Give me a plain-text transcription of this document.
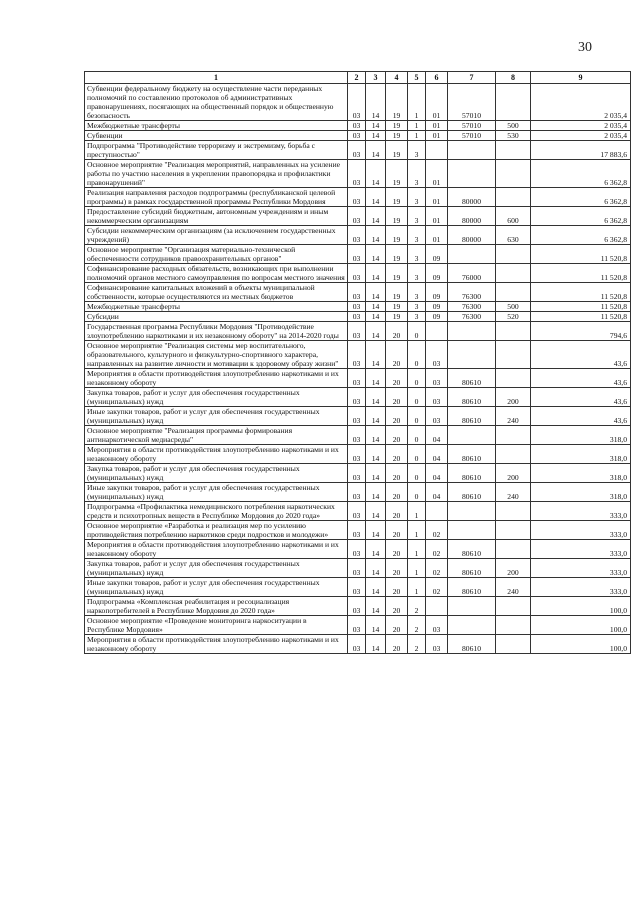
30
1	2	3	4	5	6	7	8	9
Субвенции федеральному бюджету на осуществление части переданных полномочий по составлению протоколов об административных правонарушениях, посягающих на общественный порядок и общественную безопасность	03	14	19	1	01	57010		2 035,4
Межбюджетные трансферты	03	14	19	1	01	57010	500	2 035,4
Субвенции	03	14	19	1	01	57010	530	2 035,4
Подпрограмма "Противодействие терроризму и экстремизму, борьба с преступностью"	03	14	19	3				17 883,6
Основное мероприятие "Реализация мероприятий, направленных на усиление работы по участию населения в укреплении правопорядка и профилактики правонарушений"	03	14	19	3	01			6 362,8
Реализация направления расходов подпрограммы (республиканской целевой программы) в рамках государственной программы Республики Мордовия	03	14	19	3	01	80000		6 362,8
Предоставление субсидий бюджетным, автономным учреждениям и иным некоммерческим организациям	03	14	19	3	01	80000	600	6 362,8
Субсидии некоммерческим организациям (за исключением государственных учреждений)	03	14	19	3	01	80000	630	6 362,8
Основное мероприятие "Организация материально-технической обеспеченности сотрудников правоохранительных органов"	03	14	19	3	09			11 520,8
Софинансирование расходных обязательств, возникающих при выполнении полномочий органов местного самоуправления по вопросам местного значения	03	14	19	3	09	76000		11 520,8
Софинансирование капитальных вложений в объекты муниципальной собственности, которые осуществляются из местных бюджетов	03	14	19	3	09	76300		11 520,8
Межбюджетные трансферты	03	14	19	3	09	76300	500	11 520,8
Субсидии	03	14	19	3	09	76300	520	11 520,8
Государственная программа Республики Мордовия "Противодействие злоупотреблению наркотиками и их незаконному обороту" на 2014-2020 годы	03	14	20	0				794,6
Основное мероприятие "Реализация системы мер воспитательного, образовательного, культурного и физкультурно-спортивного характера, направленных на развитие личности и мотивации к здоровому образу жизни"	03	14	20	0	03			43,6
Мероприятия в области противодействия злоупотреблению наркотиками и их незаконному обороту	03	14	20	0	03	80610		43,6
Закупка товаров, работ и услуг для обеспечения государственных (муниципальных) нужд	03	14	20	0	03	80610	200	43,6
Иные закупки товаров, работ и услуг для обеспечения государственных (муниципальных) нужд	03	14	20	0	03	80610	240	43,6
Основное мероприятие "Реализация программы формирования антинаркотической медиасреды"	03	14	20	0	04			318,0
Мероприятия в области противодействия злоупотреблению наркотиками и их незаконному обороту	03	14	20	0	04	80610		318,0
Закупка товаров, работ и услуг для обеспечения государственных (муниципальных) нужд	03	14	20	0	04	80610	200	318,0
Иные закупки товаров, работ и услуг для обеспечения государственных (муниципальных) нужд	03	14	20	0	04	80610	240	318,0
Подпрограмма «Профилактика немедицинского потребления наркотических средств и психотропных веществ в Республике Мордовия до 2020 года»	03	14	20	1				333,0
Основное мероприятие «Разработка и реализация мер по усилению противодействия потреблению наркотиков среди подростков и молодежи»	03	14	20	1	02			333,0
Мероприятия в области противодействия злоупотреблению наркотиками и их незаконному обороту	03	14	20	1	02	80610		333,0
Закупка товаров, работ и услуг для обеспечения государственных (муниципальных) нужд	03	14	20	1	02	80610	200	333,0
Иные закупки товаров, работ и услуг для обеспечения государственных (муниципальных) нужд	03	14	20	1	02	80610	240	333,0
Подпрограмма «Комплексная реабилитация и ресоциализация наркопотребителей в Республике Мордовия до 2020 года»	03	14	20	2				100,0
Основное мероприятие «Проведение мониторинга наркоситуации в Республике Мордовия»	03	14	20	2	03			100,0
Мероприятия в области противодействия злоупотреблению наркотиками и их незаконному обороту	03	14	20	2	03	80610		100,0
